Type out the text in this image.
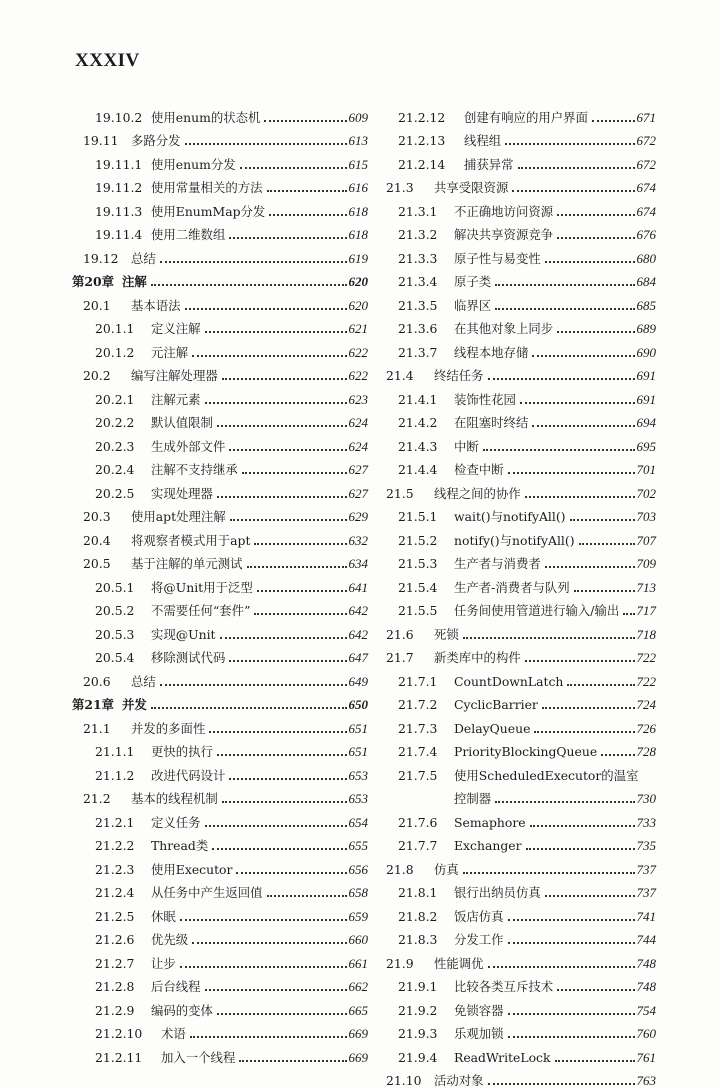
XXXIV
19.10.2 使用enum的状态机	609
19.11	多路分发	613
19.11.1 使用enum分发	615
19.11.2 使用常量相关的方法	616
19.11.3 使用EnumMap分发	618
19.11.4 使用二维数组	618
19.12	总结	619
第20章 注解	620
20.1	基本语法	620
20.1.1	定义注解	621
20.1.2	元注解	622
20.2	编写注解处理器	622
20.2.1	注解元素	623
20.2.2	默认值限制	624
20.2.3	生成外部文件	624
20.2.4	注解不支持继承	627
20.2.5	实现处理器	627
20.3	使用apt处理注解	629
20.4	将观察者模式用于apt	632
20.5	基于注解的单元测试	634
20.5.1	将@Unit用于泛型	641
20.5.2	不需要任何“套件”	642
20.5.3	实现@Unit	642
20.5.4	移除测试代码	647
20.6	总结	649
第21章 并发	650
21.1	并发的多面性	651
21.1.1	更快的执行	651
21.1.2	改进代码设计	653
21.2	基本的线程机制	653
21.2.1	定义任务	654
21.2.2	Thread类	655
21.2.3	使用Executor	656
21.2.4	从任务中产生返回值	658
21.2.5	休眠	659
21.2.6	优先级	660
21.2.7	让步	661
21.2.8	后台线程	662
21.2.9	编码的变体	665
21.2.10	术语	669
21.2.11	加入一个线程	669
21.2.12	创建有响应的用户界面	671
21.2.13	线程组	672
21.2.14	捕获异常	672
21.3	共享受限资源	674
21.3.1	不正确地访问资源	674
21.3.2	解决共享资源竞争	676
21.3.3	原子性与易变性	680
21.3.4	原子类	684
21.3.5	临界区	685
21.3.6	在其他对象上同步	689
21.3.7	线程本地存储	690
21.4	终结任务	691
21.4.1	装饰性花园	691
21.4.2	在阻塞时终结	694
21.4.3	中断	695
21.4.4	检查中断	701
21.5	线程之间的协作	702
21.5.1	wait()与notifyAll()	703
21.5.2	notify()与notifyAll()	707
21.5.3	生产者与消费者	709
21.5.4	生产者-消费者与队列	713
21.5.5	任务间使用管道进行输入/输出 717
21.6	死锁	718
21.7	新类库中的构件	722
21.7.1	CountDownLatch	722
21.7.2	CyclicBarrier	724
21.7.3	DelayQueue	726
21.7.4	PriorityBlockingQueue	728
21.7.5	使用ScheduledExecutor的温室
控制器	730
21.7.6	Semaphore	733
21.7.7	Exchanger	735
21.8	仿真	737
21.8.1	银行出纳员仿真	737
21.8.2	饭店仿真	741
21.8.3	分发工作	744
21.9	性能调优	748
21.9.1	比较各类互斥技术	748
21.9.2	免锁容器	754
21.9.3	乐观加锁	760
21.9.4	ReadWriteLock	761
21.10	活动对象	763
